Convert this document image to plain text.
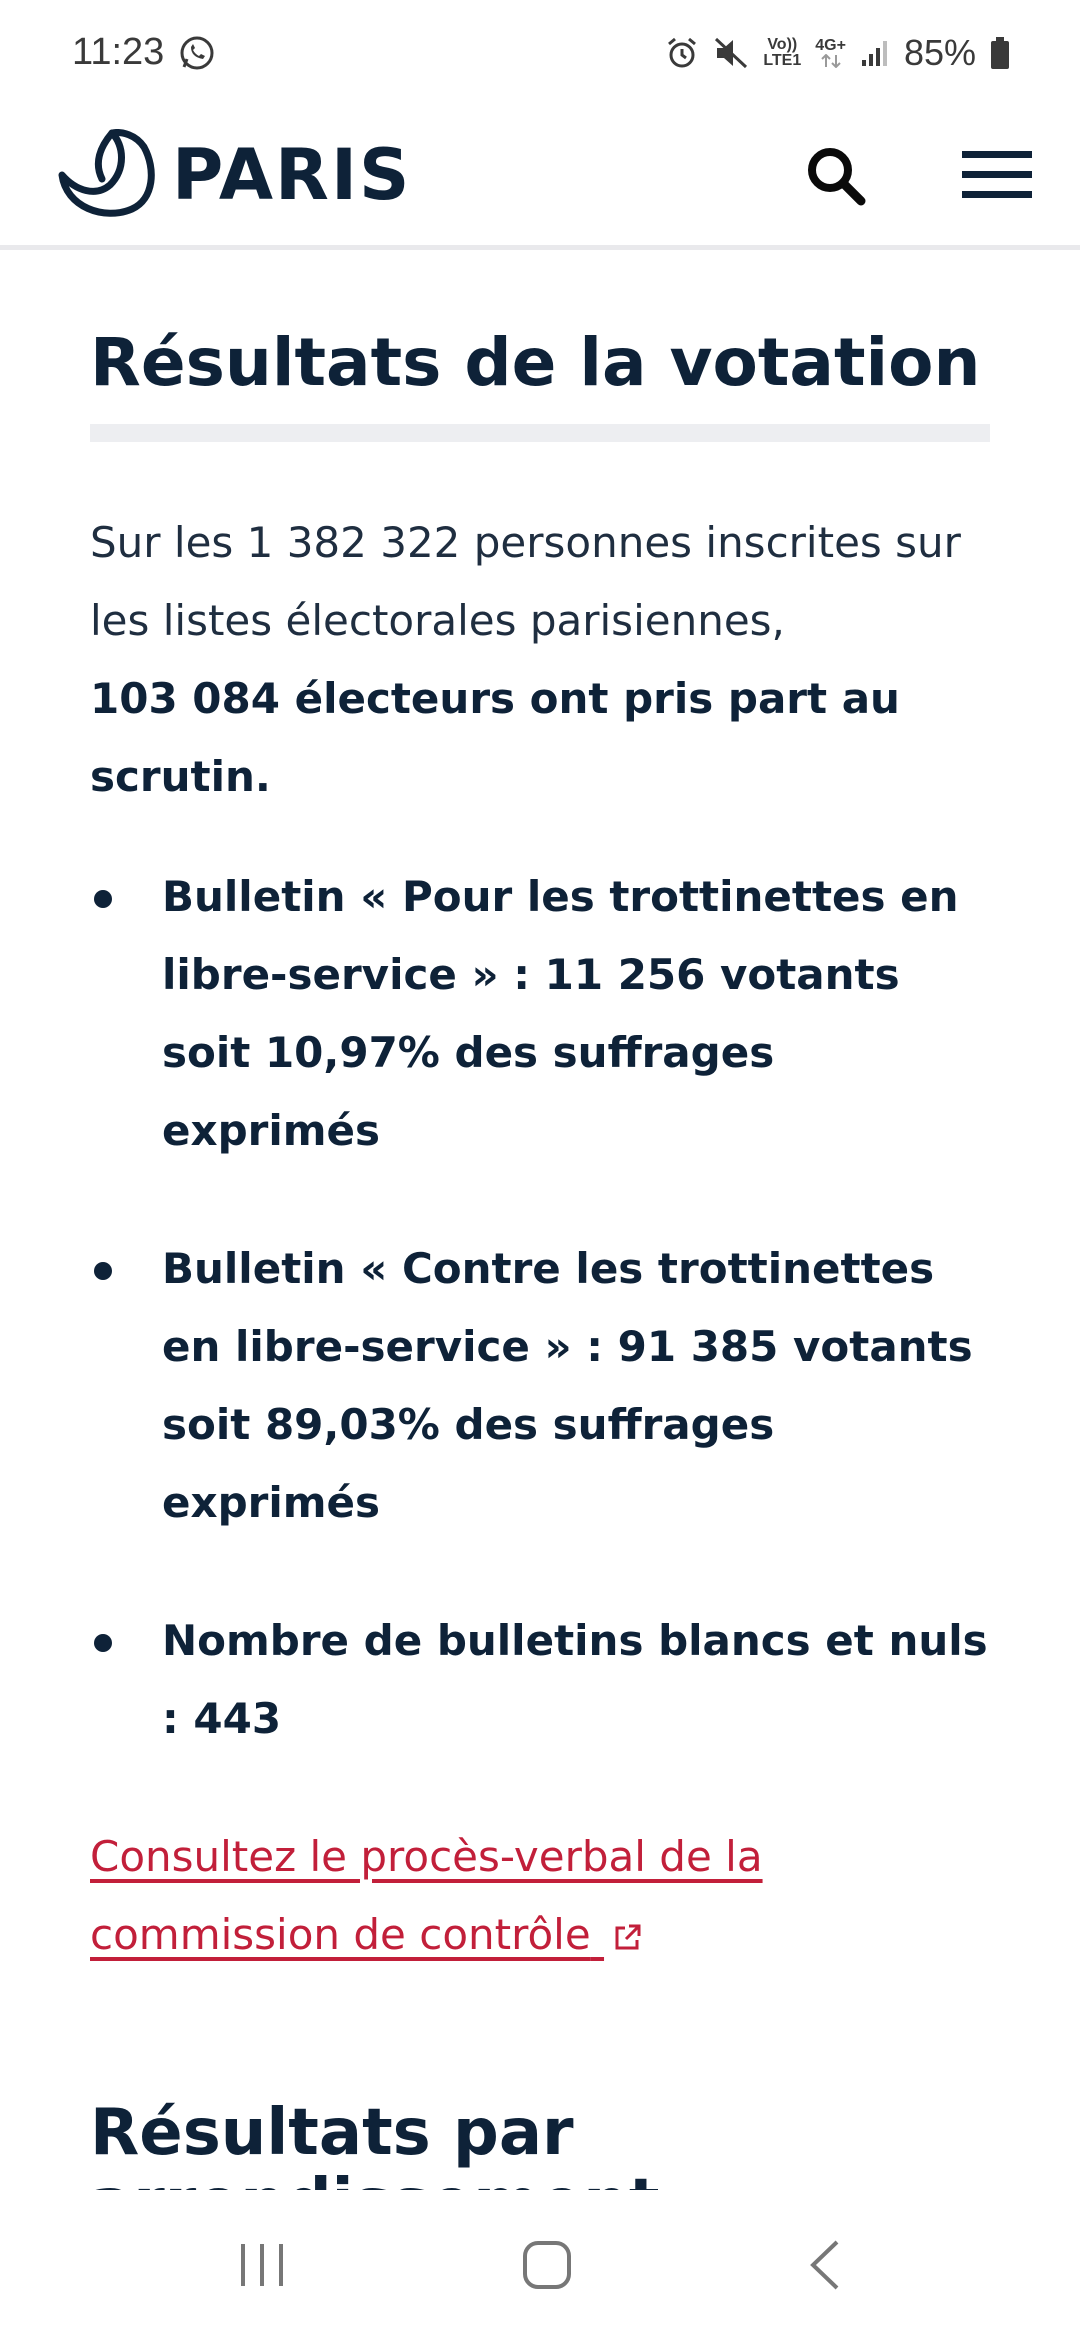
11:23	Vo))
LTE1
4G+ 85%
PARIS
Résultats de la votation

Sur les 1 382 322 personnes inscrites sur les listes électorales parisiennes,
103 084 électeurs ont pris part au scrutin.

Bulletin « Pour les trottinettes en libre-service » : 11 256 votants soit 10,97% des suffrages exprimés
Bulletin « Contre les trottinettes en libre-service » : 91 385 votants soit 89,03% des suffrages exprimés
Nombre de bulletins blancs et nuls : 443
Consultez le procès-verbal de la commission de contrôle
Résultats par
